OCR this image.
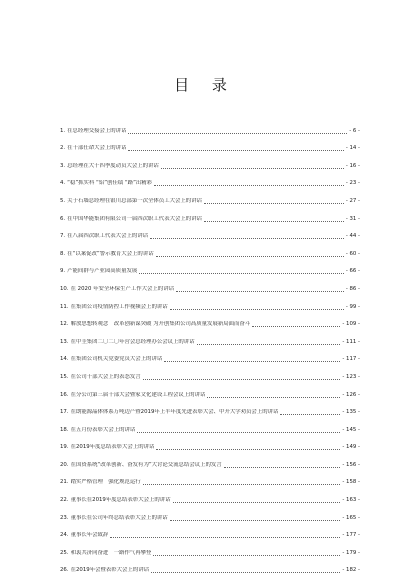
目 录
1. 在总经理交接会上的讲话	- 6 -
2. 在干部任命大会上的讲话	- 14 -
3. 总经理在大干四季度动员大会上的讲话	- 16 -
4. “稳”抓实科 “铝”创佳绩 “路”出精彩	- 23 -
5. 关于石墙总经理在银川总部第一次全体员工大会上的讲话	- 27 -
6. 在中国华能集团有限公司一届四次职工代表大会上的讲话	- 31 -
7. 在八届四次职工代表大会上的讲话	- 44 -
8. 在“以案促改”警示教育大会上的讲话	- 60 -
9. 产能间群与产业园高质量发展	- 66 -
10. 在 2020 年安全环保生产工作大会上的讲话	- 86 -
11. 在集团公司疫情防控工作视频会上的讲话	- 99 -
12. 解放思想转观念　改革创新谋突破 为开创集团公司高质量发展新局面而奋斗	- 109 -
13. 在中圭集团二〇二〇年营会总经理办公会议上的讲话	- 111 -
14. 在集团公司机关党委党员大会上的讲话	- 117 -
15. 在公司干部大会上的表态发言	- 123 -
16. 在分公司第三届干部大会暨家文化建设工程会议上的讲话	- 126 -
17. 在朗能源晶体体系万吨边产暨2019年上半年度先进表彰大会、中开大学劝员会上的讲话	- 135 -
18. 在五月份表彰大会上的讲话	- 145 -
19. 在2019年度总结表彰大会上的讲话	- 149 -
20. 在国资系统“改革创新、奋发有为”大讨论交流总结会议上的发言	- 156 -
21. 踏实严格管理　强化规范运行	- 158 -
22. 董事长在2019年度总结表彰大会上的讲话	- 163 -
23. 董事长在公司年终总结表彰大会上的讲话	- 165 -
24. 董事长年会致辞	- 177 -
25. 和衷共济同奋进　一路作气再攀登	- 179 -
26. 在2019年会暨表彰大会上的讲话	- 182 -
